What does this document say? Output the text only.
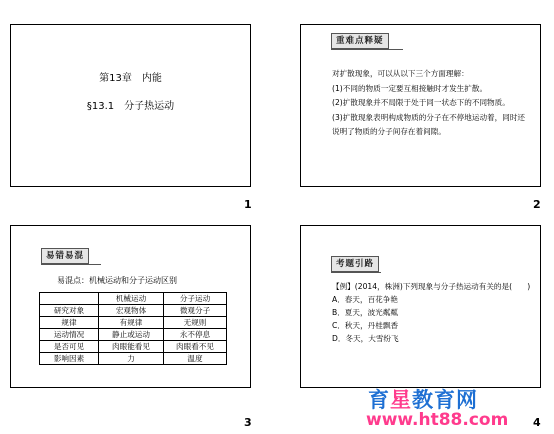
第13章　内能
§13.1　分子热运动
1
重难点释疑

对扩散现象，可以从以下三个方面理解：

(1)不同的物质一定要互相接触时才发生扩散。

(2)扩散现象并不局限于处于同一状态下的不同物质。

(3)扩散现象表明构成物质的分子在不停地运动着，同时还说明了物质的分子间存在着间隙。

2
易错易混
易混点：机械运动和分子运动区别
	机械运动	分子运动
研究对象	宏观物体	微观分子
规律	有规律	无规则
运动情况	静止或运动	永不停息
是否可见	肉眼能看见	肉眼看不见
影响因素	力	温度
3
考题引路

【例】(2014，株洲)下列现象与分子热运动有关的是(　　)

A．春天，百花争艳

B．夏天，波光粼粼

C．秋天，丹桂飘香

D．冬天，大雪纷飞

4
育星教育网
www.ht88.com
